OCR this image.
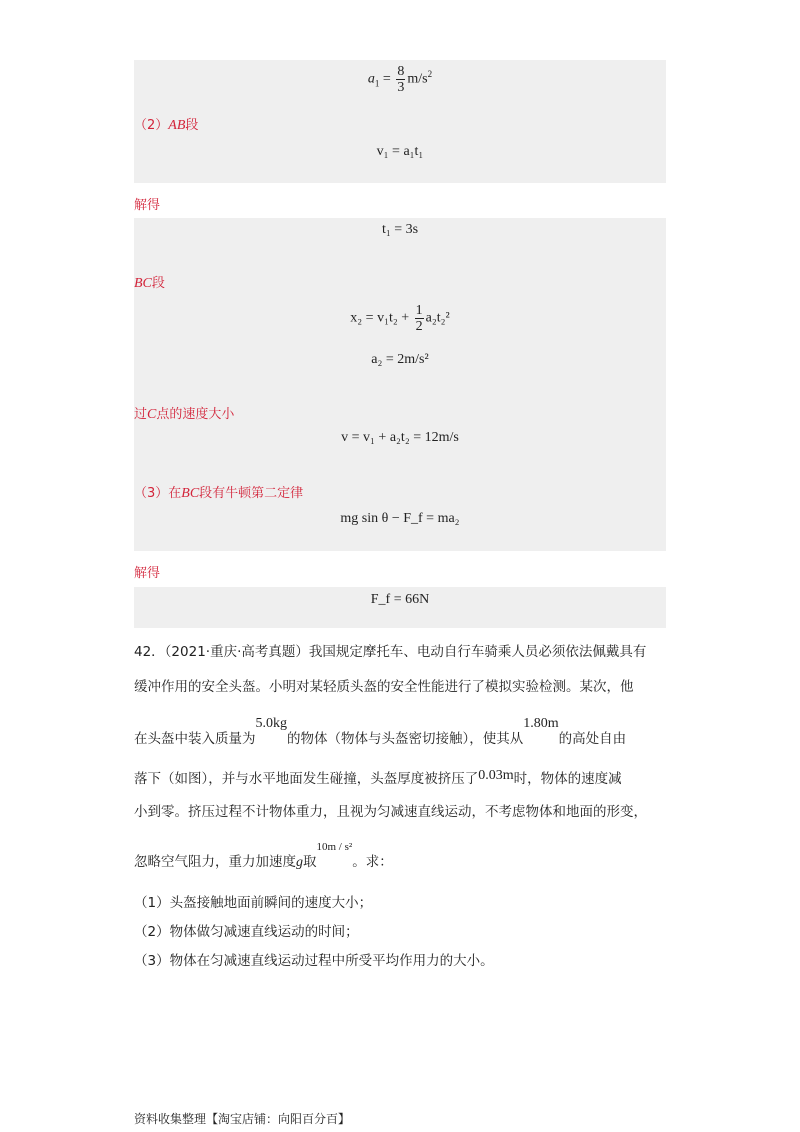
$a_1 = \frac{8}{3} m/s^2$
（2）AB段
v₁ = a₁t₁
解得
t₁ = 3s
BC段
$x_2 = v_1t_2 + \frac{1}{2} a_2t_2^2$
a₂ = 2m/s²
过C点的速度大小
v = v₁ + a₂t₂ = 12m/s
（3）在BC段有牛顿第二定律
mg sin θ − F_f = ma₂
解得
F_f = 66N
42．（2021·重庆·高考真题）我国规定摩托车、电动自行车骑乘人员必须依法佩戴具有
缓冲作用的安全头盔。小明对某轻质头盔的安全性能进行了模拟实验检测。某次，他
在头盔中装入质量为5.0kg的物体（物体与头盔密切接触），使其从1.80m的高处自由
落下（如图），并与水平地面发生碰撞，头盔厚度被挤压了0.03m时，物体的速度减
小到零。挤压过程不计物体重力，且视为匀减速直线运动，不考虑物体和地面的形变，
忽略空气阻力，重力加速度g取10m / s²。求：
（1）头盔接触地面前瞬间的速度大小；
（2）物体做匀减速直线运动的时间；
（3）物体在匀减速直线运动过程中所受平均作用力的大小。
资料收集整理【淘宝店铺：向阳百分百】
